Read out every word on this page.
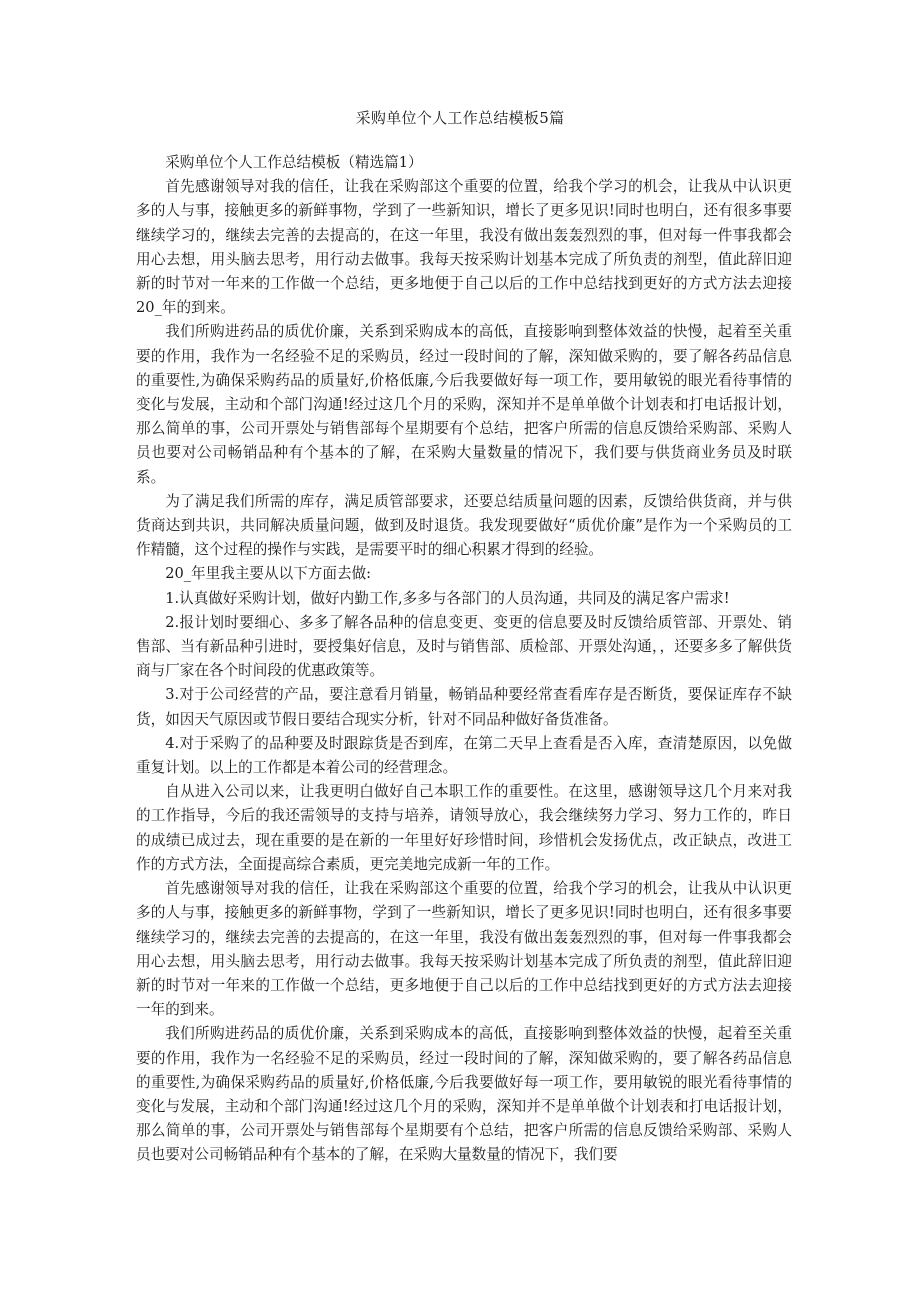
采购单位个人工作总结模板5篇

采购单位个人工作总结模板（精选篇1）

首先感谢领导对我的信任，让我在采购部这个重要的位置，给我个学习的机会，让我从中认识更多的人与事，接触更多的新鲜事物，学到了一些新知识，增长了更多见识!同时也明白，还有很多事要继续学习的，继续去完善的去提高的，在这一年里，我没有做出轰轰烈烈的事，但对每一件事我都会用心去想，用头脑去思考，用行动去做事。我每天按采购计划基本完成了所负责的剂型，值此辞旧迎新的时节对一年来的工作做一个总结，更多地便于自己以后的工作中总结找到更好的方式方法去迎接20_年的到来。

我们所购进药品的质优价廉，关系到采购成本的高低，直接影响到整体效益的快慢，起着至关重要的作用，我作为一名经验不足的采购员，经过一段时间的了解，深知做采购的，要了解各药品信息的重要性,为确保采购药品的质量好,价格低廉,今后我要做好每一项工作，要用敏锐的眼光看待事情的变化与发展，主动和个部门沟通!经过这几个月的采购，深知并不是单单做个计划表和打电话报计划，那么简单的事，公司开票处与销售部每个星期要有个总结，把客户所需的信息反馈给采购部、采购人员也要对公司畅销品种有个基本的了解，在采购大量数量的情况下，我们要与供货商业务员及时联系。

为了满足我们所需的库存，满足质管部要求，还要总结质量问题的因素，反馈给供货商，并与供货商达到共识，共同解决质量问题，做到及时退货。我发现要做好“质优价廉”是作为一个采购员的工作精髓，这个过程的操作与实践，是需要平时的细心积累才得到的经验。

20_年里我主要从以下方面去做:

1.认真做好采购计划，做好内勤工作,多多与各部门的人员沟通，共同及的满足客户需求!

2.报计划时要细心、多多了解各品种的信息变更、变更的信息要及时反馈给质管部、开票处、销售部、当有新品种引进时，要授集好信息，及时与销售部、质检部、开票处沟通，，还要多多了解供货商与厂家在各个时间段的优惠政策等。

3.对于公司经营的产品，要注意看月销量，畅销品种要经常查看库存是否断货，要保证库存不缺货，如因天气原因或节假日要结合现实分析，针对不同品种做好备货准备。

4.对于采购了的品种要及时跟踪货是否到库，在第二天早上查看是否入库，查清楚原因，以免做重复计划。以上的工作都是本着公司的经营理念。

自从进入公司以来，让我更明白做好自己本职工作的重要性。在这里，感谢领导这几个月来对我的工作指导，今后的我还需领导的支持与培养，请领导放心，我会继续努力学习、努力工作的，昨日的成绩已成过去，现在重要的是在新的一年里好好珍惜时间，珍惜机会发扬优点，改正缺点，改进工作的方式方法，全面提高综合素质，更完美地完成新一年的工作。

首先感谢领导对我的信任，让我在采购部这个重要的位置，给我个学习的机会，让我从中认识更多的人与事，接触更多的新鲜事物，学到了一些新知识，增长了更多见识!同时也明白，还有很多事要继续学习的，继续去完善的去提高的，在这一年里，我没有做出轰轰烈烈的事，但对每一件事我都会用心去想，用头脑去思考，用行动去做事。我每天按采购计划基本完成了所负责的剂型，值此辞旧迎新的时节对一年来的工作做一个总结，更多地便于自己以后的工作中总结找到更好的方式方法去迎接一年的到来。

我们所购进药品的质优价廉，关系到采购成本的高低，直接影响到整体效益的快慢，起着至关重要的作用，我作为一名经验不足的采购员，经过一段时间的了解，深知做采购的，要了解各药品信息的重要性,为确保采购药品的质量好,价格低廉,今后我要做好每一项工作，要用敏锐的眼光看待事情的变化与发展，主动和个部门沟通!经过这几个月的采购，深知并不是单单做个计划表和打电话报计划，那么简单的事，公司开票处与销售部每个星期要有个总结，把客户所需的信息反馈给采购部、采购人员也要对公司畅销品种有个基本的了解，在采购大量数量的情况下，我们要
